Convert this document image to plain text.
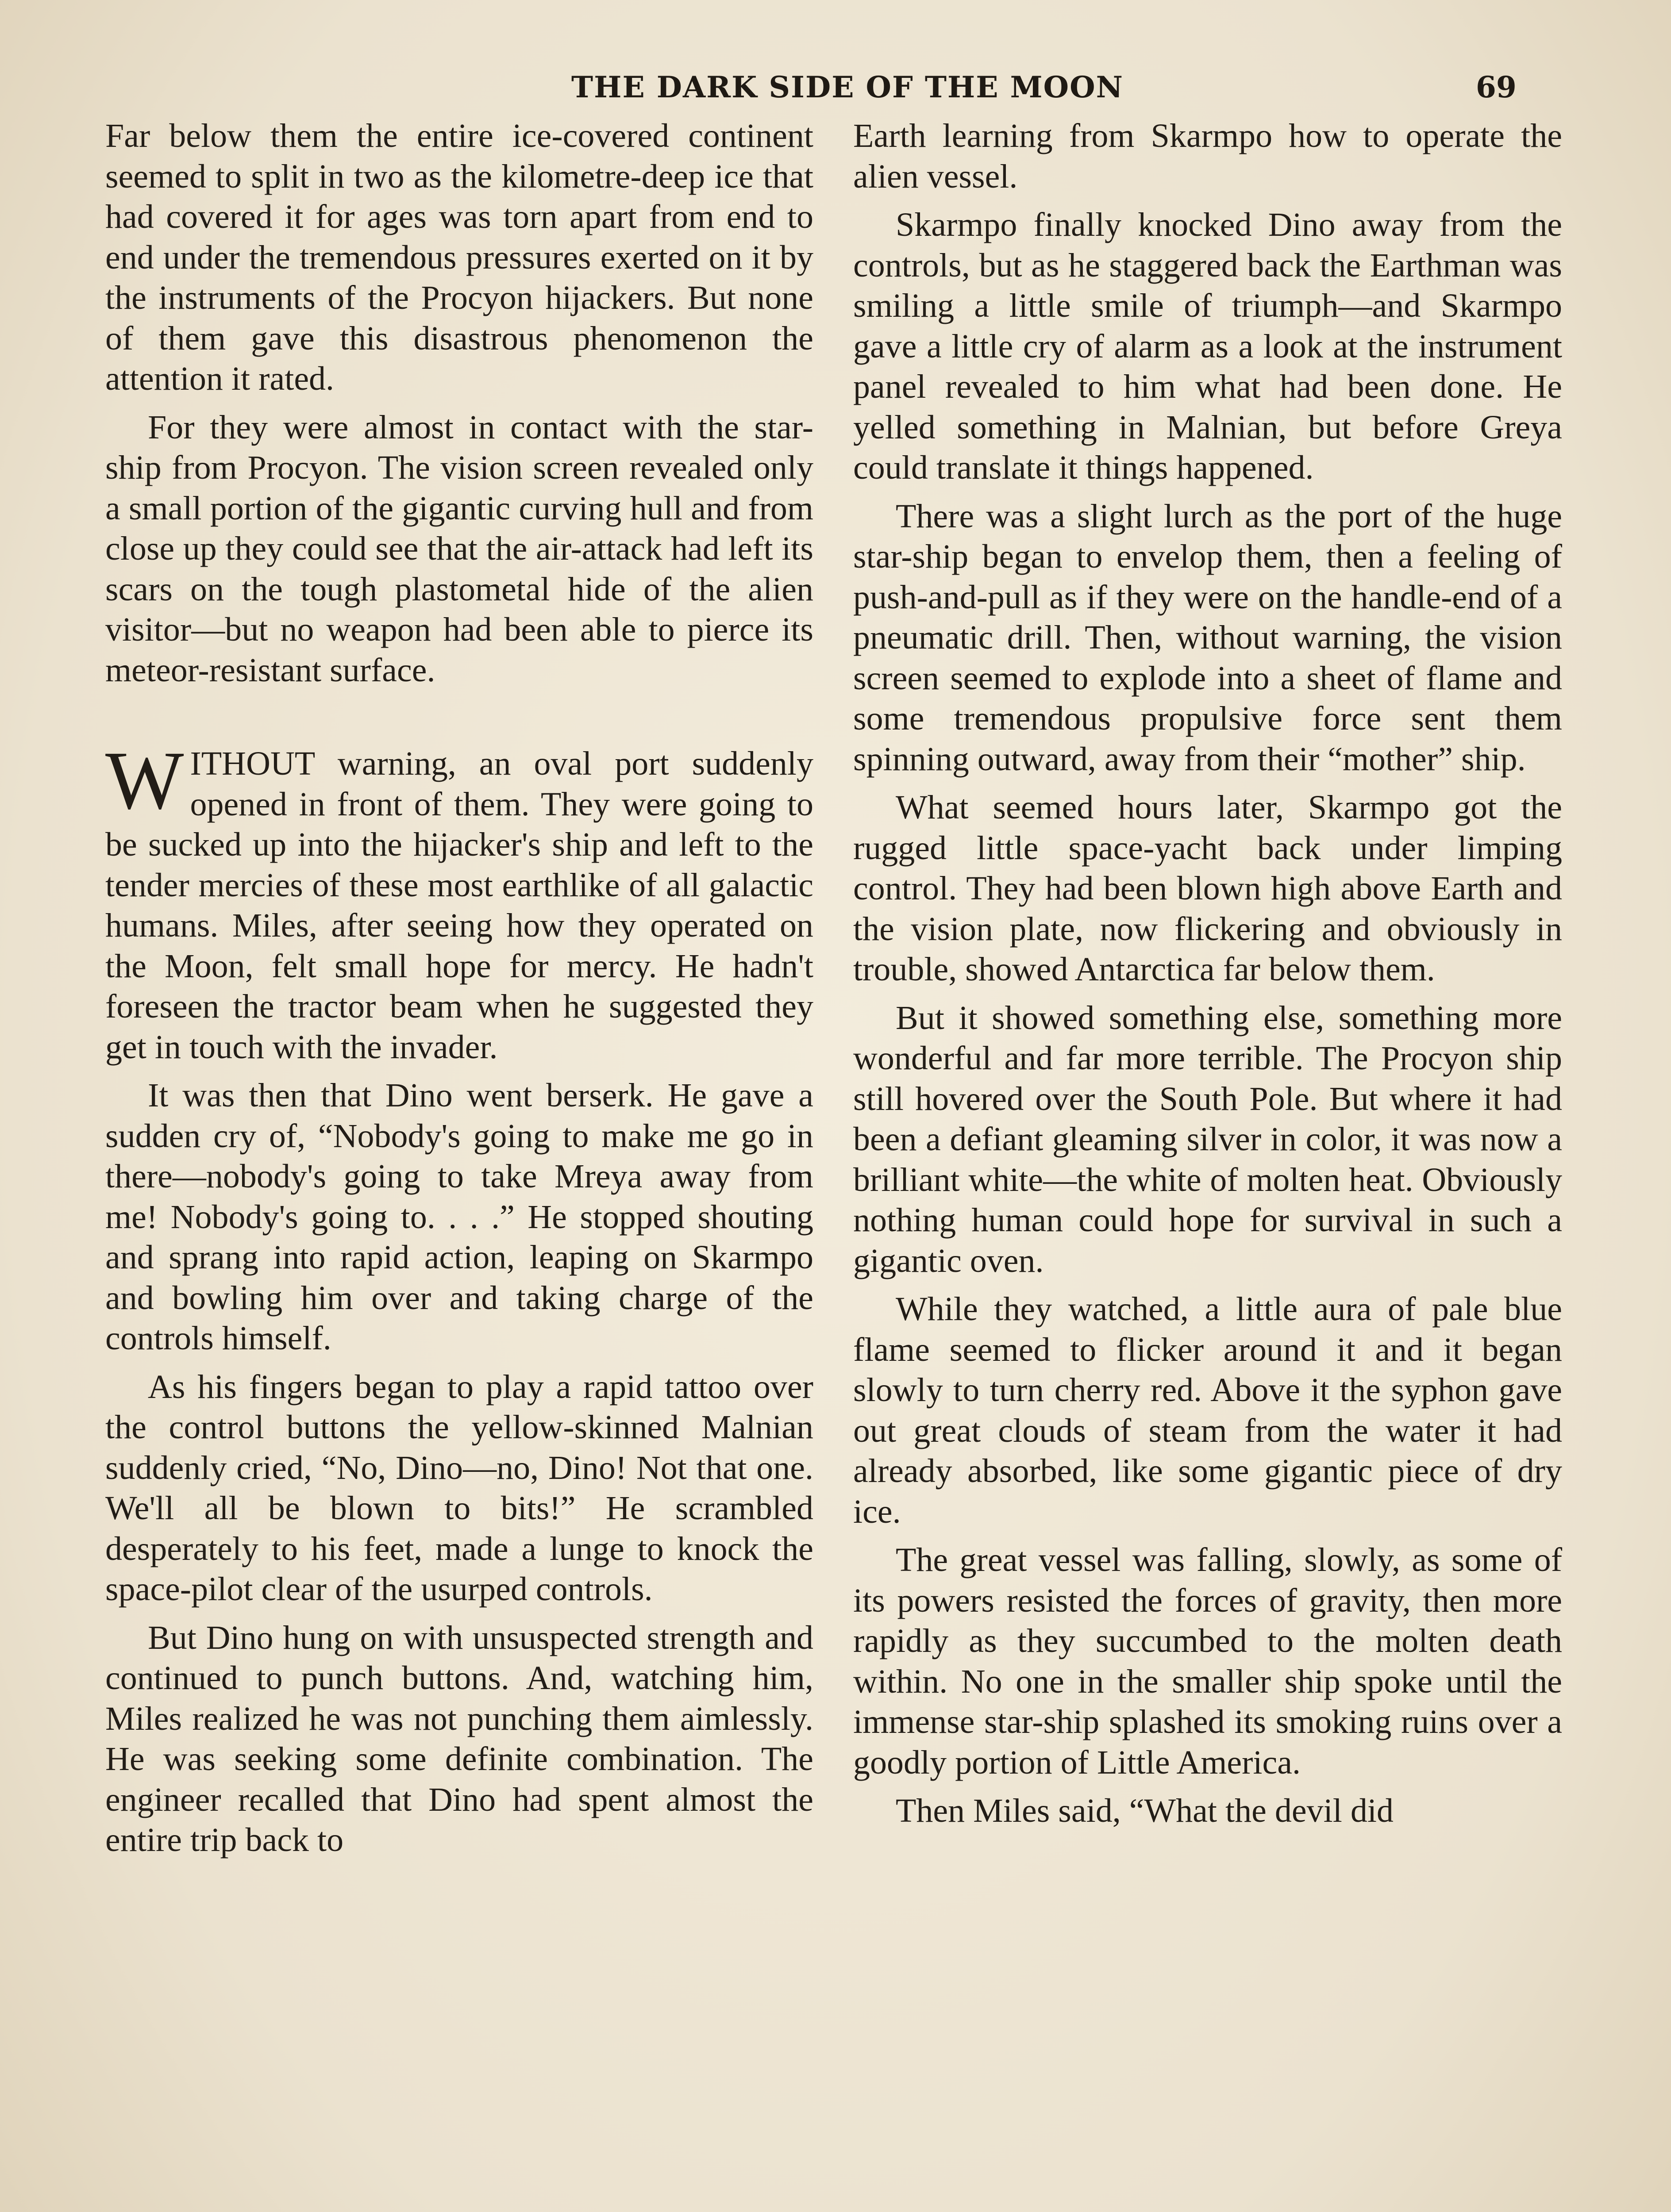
THE DARK SIDE OF THE MOON	69

Far below them the entire ice-covered continent seemed to split in two as the kilometre-deep ice that had covered it for ages was torn apart from end to end under the tremendous pressures exerted on it by the instruments of the Procyon hijackers. But none of them gave this disastrous phenomenon the attention it rated.

For they were almost in contact with the star-ship from Procyon. The vision screen revealed only a small portion of the gigantic curving hull and from close up they could see that the air-attack had left its scars on the tough plastometal hide of the alien visitor—but no weapon had been able to pierce its meteor-resistant surface.

WITHOUT warning, an oval port suddenly opened in front of them. They were going to be sucked up into the hijacker's ship and left to the tender mercies of these most earthlike of all galactic humans. Miles, after seeing how they operated on the Moon, felt small hope for mercy. He hadn't foreseen the tractor beam when he suggested they get in touch with the invader.

It was then that Dino went berserk. He gave a sudden cry of, “Nobody's going to make me go in there—nobody's going to take Mreya away from me! Nobody's going to. . . .” He stopped shouting and sprang into rapid action, leaping on Skarmpo and bowling him over and taking charge of the controls himself.

As his fingers began to play a rapid tattoo over the control buttons the yellow-skinned Malnian suddenly cried, “No, Dino—no, Dino! Not that one. We'll all be blown to bits!” He scrambled desperately to his feet, made a lunge to knock the space-pilot clear of the usurped controls.

But Dino hung on with unsuspected strength and continued to punch buttons. And, watching him, Miles realized he was not punching them aimlessly. He was seeking some definite combination. The engineer recalled that Dino had spent almost the entire trip back to

Earth learning from Skarmpo how to operate the alien vessel.

Skarmpo finally knocked Dino away from the controls, but as he staggered back the Earthman was smiling a little smile of triumph—and Skarmpo gave a little cry of alarm as a look at the instrument panel revealed to him what had been done. He yelled something in Malnian, but before Greya could translate it things happened.

There was a slight lurch as the port of the huge star-ship began to envelop them, then a feeling of push-and-pull as if they were on the handle-end of a pneumatic drill. Then, without warning, the vision screen seemed to explode into a sheet of flame and some tremendous propulsive force sent them spinning outward, away from their “mother” ship.

What seemed hours later, Skarmpo got the rugged little space-yacht back under limping control. They had been blown high above Earth and the vision plate, now flickering and obviously in trouble, showed Antarctica far below them.

But it showed something else, something more wonderful and far more terrible. The Procyon ship still hovered over the South Pole. But where it had been a defiant gleaming silver in color, it was now a brilliant white—the white of molten heat. Obviously nothing human could hope for survival in such a gigantic oven.

While they watched, a little aura of pale blue flame seemed to flicker around it and it began slowly to turn cherry red. Above it the syphon gave out great clouds of steam from the water it had already absorbed, like some gigantic piece of dry ice.

The great vessel was falling, slowly, as some of its powers resisted the forces of gravity, then more rapidly as they succumbed to the molten death within. No one in the smaller ship spoke until the immense star-ship splashed its smoking ruins over a goodly portion of Little America.

Then Miles said, “What the devil did
